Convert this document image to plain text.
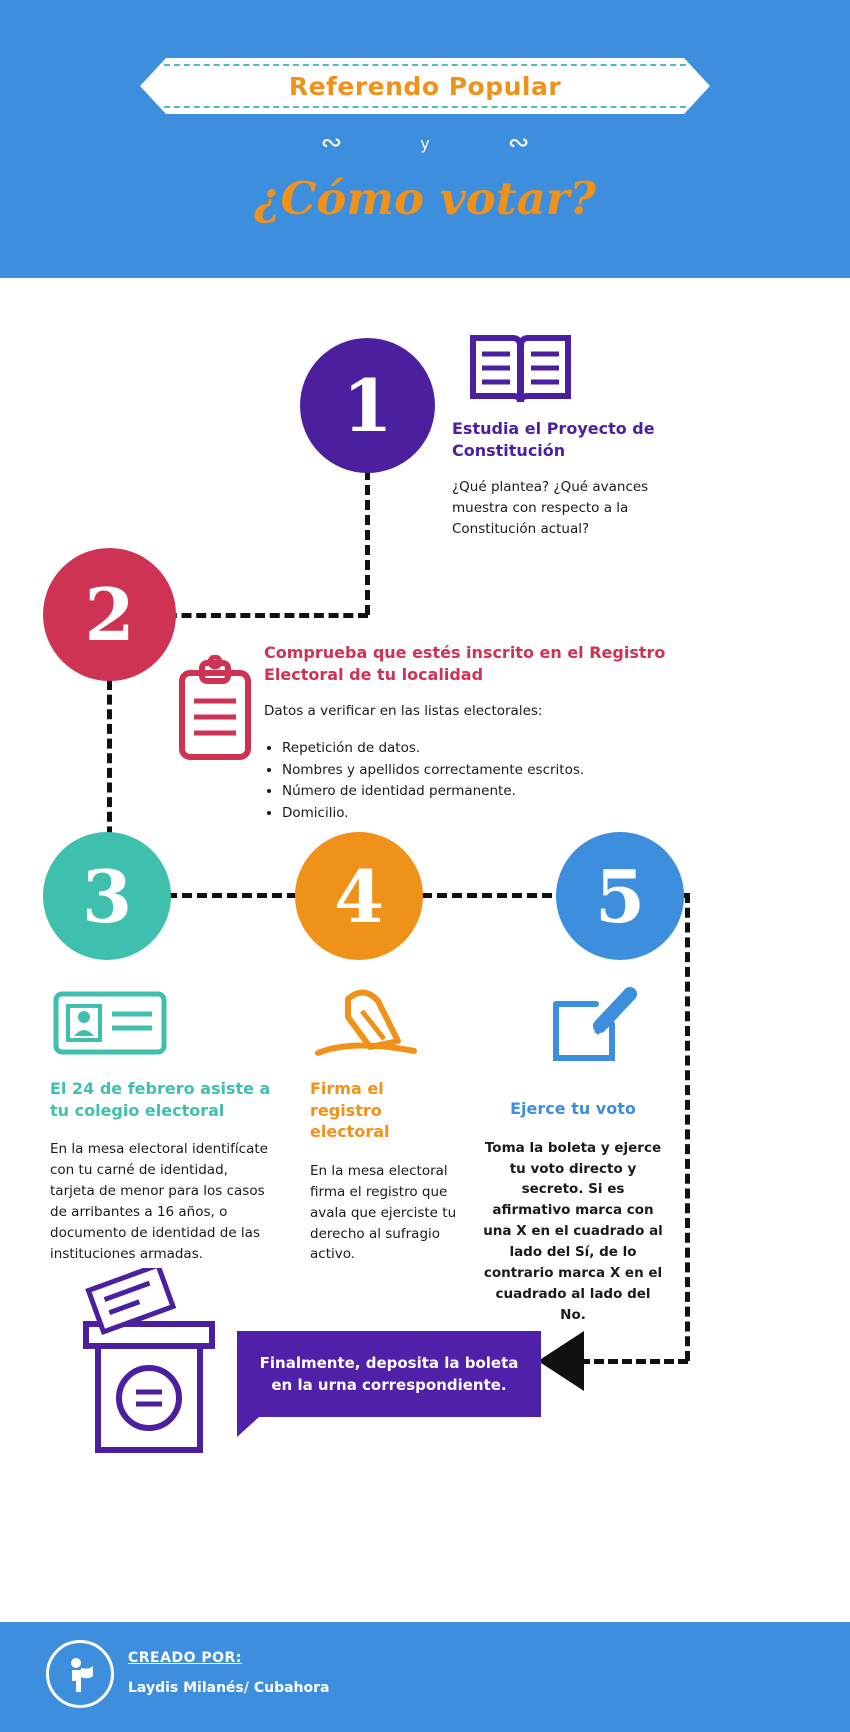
Referendo Popular
∾	y	∾
¿Cómo votar?
1	Estudia el Proyecto de Constitución
¿Qué plantea? ¿Qué avances muestra con respecto a la Constitución actual?
2	Comprueba que estés inscrito en el Registro Electoral de tu localidad
Datos a verificar en las listas electorales:
• Repetición de datos.
• Nombres y apellidos correctamente escritos.
• Número de identidad permanente.
• Domicilio.
3
El 24 de febrero asiste a tu colegio electoral
En la mesa electoral identifícate con tu carné de identidad, tarjeta de menor para los casos de arribantes a 16 años, o documento de identidad de las instituciones armadas.
4
Firma el registro electoral
En la mesa electoral firma el registro que avala que ejerciste tu derecho al sufragio activo.
5
Ejerce tu voto
Toma la boleta y ejerce tu voto directo y secreto. Si es afirmativo marca con una X en el cuadrado al lado del Sí, de lo contrario marca X en el cuadrado al lado del No.
Finalmente, deposita la boleta en la urna correspondiente.
CREADO POR:
Laydis Milanés/ Cubahora
